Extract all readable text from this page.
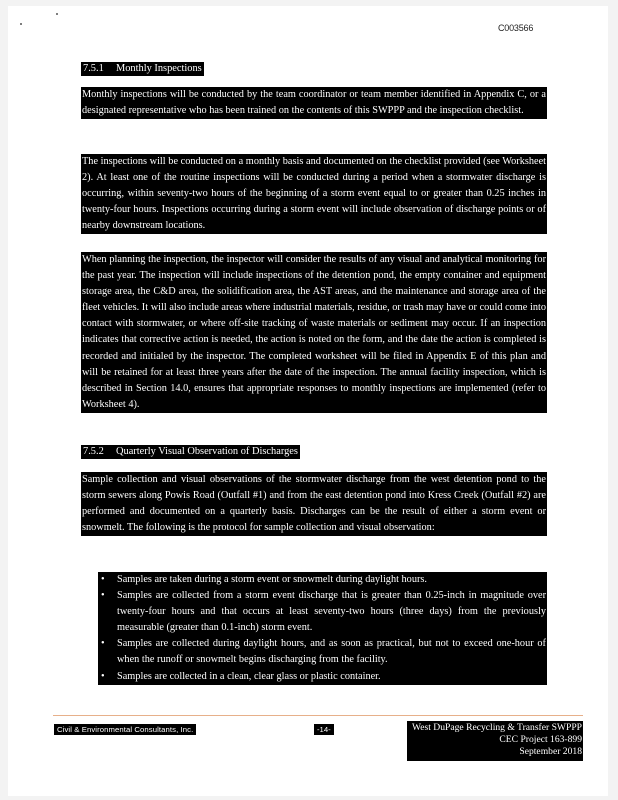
C003566
7.5.1 Monthly Inspections

Monthly inspections will be conducted by the team coordinator or team member identified in Appendix C, or a designated representative who has been trained on the contents of this SWPPP and the inspection checklist.

The inspections will be conducted on a monthly basis and documented on the checklist provided (see Worksheet 2). At least one of the routine inspections will be conducted during a period when a stormwater discharge is occurring, within seventy-two hours of the beginning of a storm event equal to or greater than 0.25 inches in twenty-four hours. Inspections occurring during a storm event will include observation of discharge points or of nearby downstream locations.

When planning the inspection, the inspector will consider the results of any visual and analytical monitoring for the past year. The inspection will include inspections of the detention pond, the empty container and equipment storage area, the C&D area, the solidification area, the AST areas, and the maintenance and storage area of the fleet vehicles. It will also include areas where industrial materials, residue, or trash may have or could come into contact with stormwater, or where off-site tracking of waste materials or sediment may occur. If an inspection indicates that corrective action is needed, the action is noted on the form, and the date the action is completed is recorded and initialed by the inspector. The completed worksheet will be filed in Appendix E of this plan and will be retained for at least three years after the date of the inspection. The annual facility inspection, which is described in Section 14.0, ensures that appropriate responses to monthly inspections are implemented (refer to Worksheet 4).

7.5.2 Quarterly Visual Observation of Discharges

Sample collection and visual observations of the stormwater discharge from the west detention pond to the storm sewers along Powis Road (Outfall #1) and from the east detention pond into Kress Creek (Outfall #2) are performed and documented on a quarterly basis. Discharges can be the result of either a storm event or snowmelt. The following is the protocol for sample collection and visual observation:

•	Samples are taken during a storm event or snowmelt during daylight hours.
•	Samples are collected from a storm event discharge that is greater than 0.25-inch in magnitude over twenty-four hours and that occurs at least seventy-two hours (three days) from the previously measurable (greater than 0.1-inch) storm event.
•	Samples are collected during daylight hours, and as soon as practical, but not to exceed one-hour of when the runoff or snowmelt begins discharging from the facility.
•	Samples are collected in a clean, clear glass or plastic container.
Civil & Environmental Consultants, Inc.	-14-	West DuPage Recycling & Transfer SWPPP
CEC Project 163-899
September 2018
